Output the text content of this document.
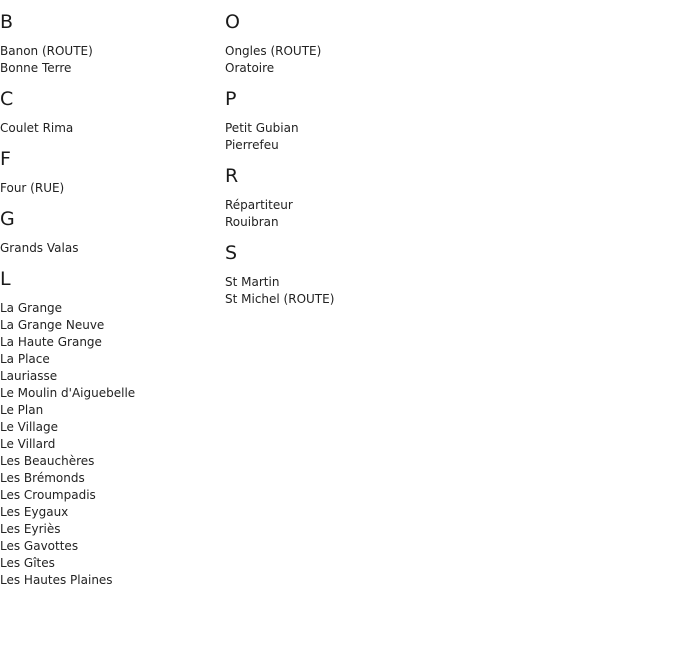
B
Banon (ROUTE)
Bonne Terre
C
Coulet Rima
F
Four (RUE)
G
Grands Valas
L
La Grange
La Grange Neuve
La Haute Grange
La Place
Lauriasse
Le Moulin d'Aiguebelle
Le Plan
Le Village
Le Villard
Les Beauchères
Les Brémonds
Les Croumpadis
Les Eygaux
Les Eyriès
Les Gavottes
Les Gîtes
Les Hautes Plaines
O
Ongles (ROUTE)
Oratoire
P
Petit Gubian
Pierrefeu
R
Répartiteur
Rouibran
S
St Martin
St Michel (ROUTE)
